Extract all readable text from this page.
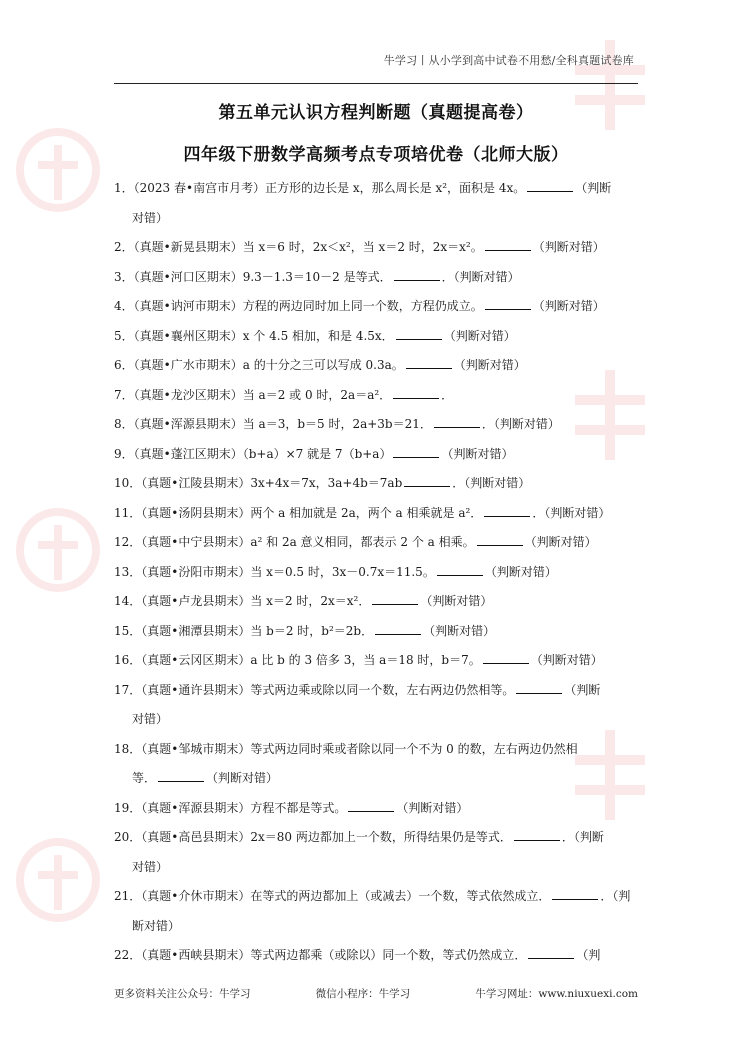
牛学习丨从小学到高中试卷不用愁/全科真题试卷库
第五单元认识方程判断题（真题提高卷）
四年级下册数学高频考点专项培优卷（北师大版）
1．（2023 春•南宫市月考）正方形的边长是 x，那么周长是 x²，面积是 4x。	（判断
对错）
2．（真题•新晃县期末）当 x＝6 时，2x＜x²，当 x＝2 时，2x＝x²。	（判断对错）
3．（真题•河口区期末）9.3－1.3＝10－2 是等式．	．（判断对错）
4．（真题•讷河市期末）方程的两边同时加上同一个数，方程仍成立。	（判断对错）
5．（真题•襄州区期末）x 个 4.5 相加，和是 4.5x．	（判断对错）
6．（真题•广水市期末）a 的十分之三可以写成 0.3a。	（判断对错）
7．（真题•龙沙区期末）当 a＝2 或 0 时，2a＝a²．	．
8．（真题•浑源县期末）当 a＝3，b＝5 时，2a+3b＝21．	．（判断对错）
9．（真题•蓬江区期末）（b+a）×7 就是 7（b+a）	（判断对错）
10．（真题•江陵县期末）3x+4x＝7x，3a+4b＝7ab	．（判断对错）
11．（真题•汤阴县期末）两个 a 相加就是 2a，两个 a 相乘就是 a²．	．（判断对错）
12．（真题•中宁县期末）a² 和 2a 意义相同，都表示 2 个 a 相乘。	（判断对错）
13．（真题•汾阳市期末）当 x＝0.5 时，3x－0.7x＝11.5。	（判断对错）
14．（真题•卢龙县期末）当 x＝2 时，2x＝x²．	（判断对错）
15．（真题•湘潭县期末）当 b＝2 时，b²＝2b．	（判断对错）
16．（真题•云冈区期末）a 比 b 的 3 倍多 3，当 a＝18 时，b＝7。	（判断对错）
17．（真题•通许县期末）等式两边乘或除以同一个数，左右两边仍然相等。	（判断
对错）
18．（真题•邹城市期末）等式两边同时乘或者除以同一个不为 0 的数，左右两边仍然相
等．	（判断对错）
19．（真题•浑源县期末）方程不都是等式。	（判断对错）
20．（真题•高邑县期末）2x＝80 两边都加上一个数，所得结果仍是等式．	．（判断
对错）
21．（真题•介休市期末）在等式的两边都加上（或减去）一个数，等式依然成立．	．（判
断对错）
22．（真题•西峡县期末）等式两边都乘（或除以）同一个数，等式仍然成立．	（判
更多资料关注公众号：牛学习	微信小程序：牛学习	牛学习网址：www.niuxuexi.com
